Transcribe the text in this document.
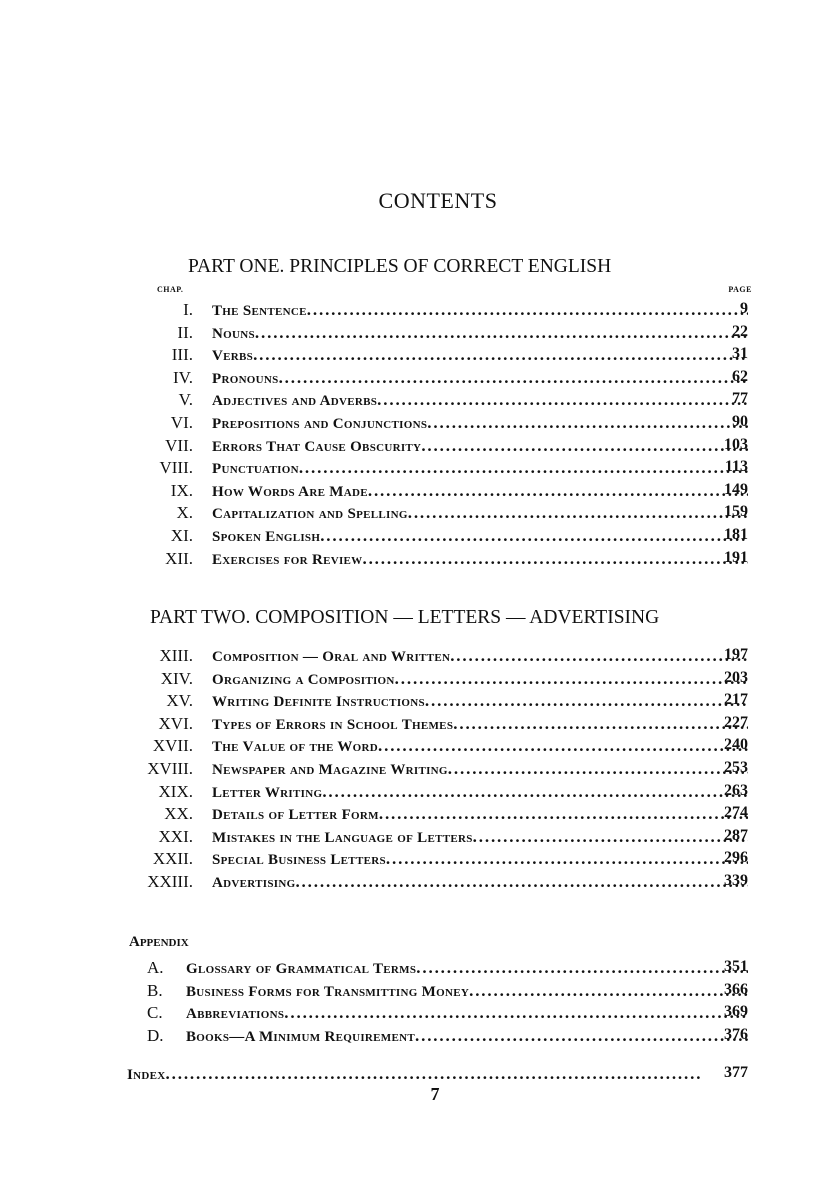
CONTENTS
PART ONE. PRINCIPLES OF CORRECT ENGLISH
CHAP.	PAGE
I. The Sentence . . .	9
II. Nouns . . .	22
III. Verbs . . .	31
IV. Pronouns . . .	62
V. Adjectives and Adverbs . . .	77
VI. Prepositions and Conjunctions . . .	90
VII. Errors That Cause Obscurity . . .	103
VIII. Punctuation . . .	113
IX. How Words Are Made . . .	149
X. Capitalization and Spelling . . .	159
XI. Spoken English . . .	181
XII. Exercises for Review . . .	191
PART TWO. COMPOSITION — LETTERS — ADVERTISING
XIII. Composition — Oral and Written . . .	197
XIV. Organizing a Composition . . .	203
XV. Writing Definite Instructions . . .	217
XVI. Types of Errors in School Themes . . .	227
XVII. The Value of the Word . . .	240
XVIII. Newspaper and Magazine Writing . . .	253
XIX. Letter Writing . . .	263
XX. Details of Letter Form . . .	274
XXI. Mistakes in the Language of Letters . . .	287
XXII. Special Business Letters . . .	296
XXIII. Advertising . . .	339
Appendix
A. Glossary of Grammatical Terms . . .	351
B. Business Forms for Transmitting Money . . .	366
C. Abbreviations . . .	369
D. Books—A Minimum Requirement . . .	376
Index . . .	377
7
